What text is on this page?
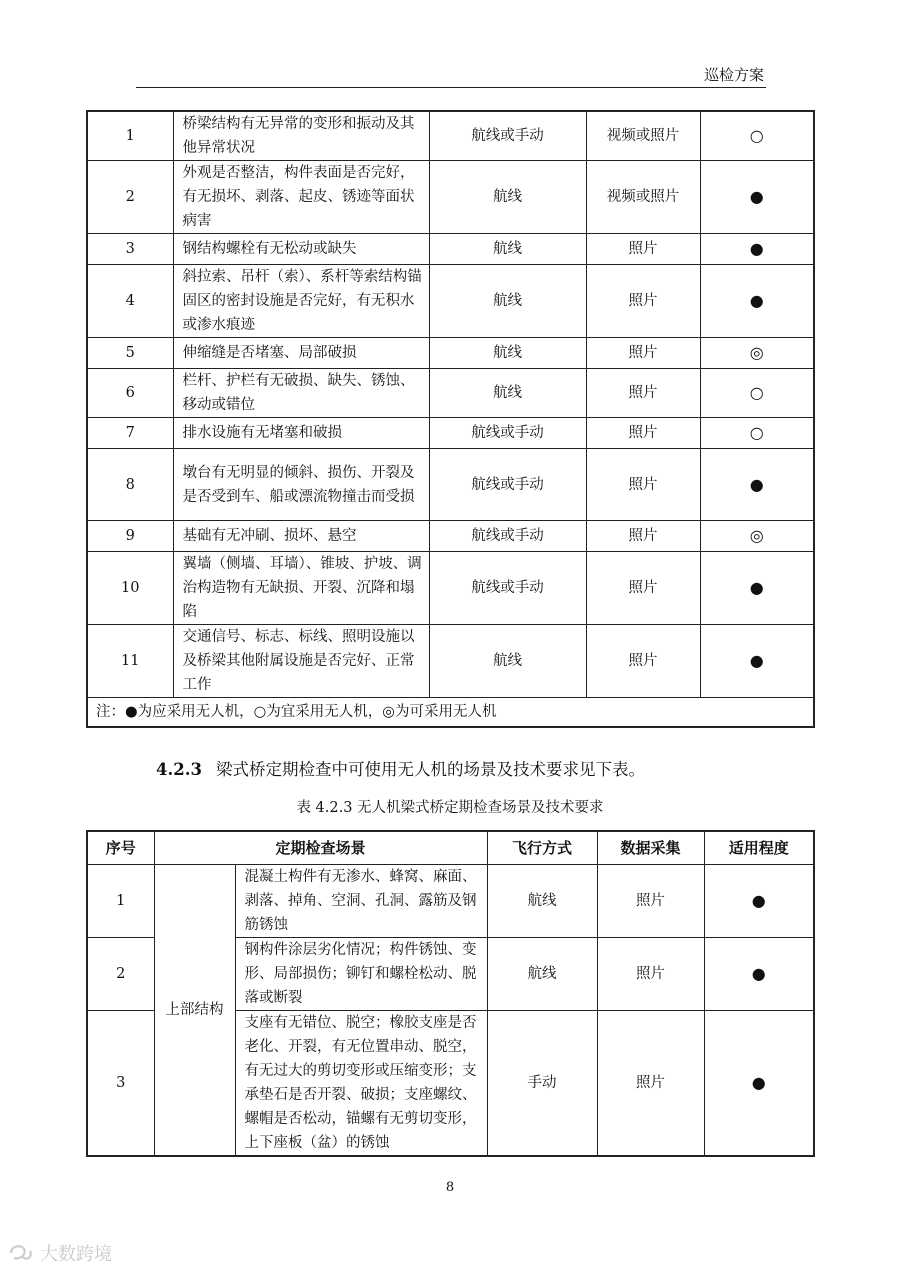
巡检方案
1	桥梁结构有无异常的变形和振动及其他异常状况	航线或手动	视频或照片	○
2	外观是否整洁，构件表面是否完好，有无损坏、剥落、起皮、锈迹等面状病害	航线	视频或照片	●
3	钢结构螺栓有无松动或缺失	航线	照片	●
4	斜拉索、吊杆（索）、系杆等索结构锚固区的密封设施是否完好，有无积水或渗水痕迹	航线	照片	●
5	伸缩缝是否堵塞、局部破损	航线	照片	◎
6	栏杆、护栏有无破损、缺失、锈蚀、移动或错位	航线	照片	○
7	排水设施有无堵塞和破损	航线或手动	照片	○
8	墩台有无明显的倾斜、损伤、开裂及是否受到车、船或漂流物撞击而受损	航线或手动	照片	●
9	基础有无冲刷、损坏、悬空	航线或手动	照片	◎
10	翼墙（侧墙、耳墙）、锥坡、护坡、调治构造物有无缺损、开裂、沉降和塌陷	航线或手动	照片	●
11	交通信号、标志、标线、照明设施以及桥梁其他附属设施是否完好、正常工作	航线	照片	●
注：●为应采用无人机，○为宜采用无人机，◎为可采用无人机				
4.2.3 梁式桥定期检查中可使用无人机的场景及技术要求见下表。
表 4.2.3 无人机梁式桥定期检查场景及技术要求
序号	定期检查场景		飞行方式	数据采集	适用程度
1	上部结构	混凝土构件有无渗水、蜂窝、麻面、剥落、掉角、空洞、孔洞、露筋及钢筋锈蚀	航线	照片	●
2		钢构件涂层劣化情况；构件锈蚀、变形、局部损伤；铆钉和螺栓松动、脱落或断裂	航线	照片	●
3		支座有无错位、脱空；橡胶支座是否老化、开裂，有无位置串动、脱空，有无过大的剪切变形或压缩变形；支承垫石是否开裂、破损；支座螺纹、螺帽是否松动，锚螺有无剪切变形，上下座板（盆）的锈蚀	手动	照片	●
8
大数跨境
